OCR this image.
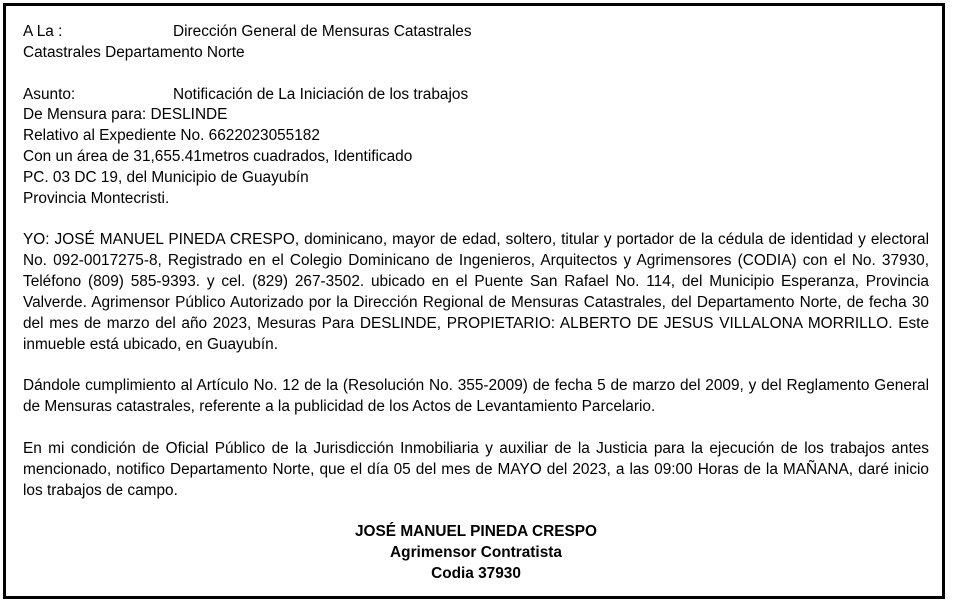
A La :	Dirección General de Mensuras Catastrales
Catastrales Departamento Norte
Asunto:	Notificación de La Iniciación de los trabajos
De Mensura para: DESLINDE
Relativo al Expediente No. 6622023055182
Con un área de 31,655.41metros cuadrados, Identificado
PC. 03 DC 19, del Municipio de Guayubín
Provincia Montecristi.

YO: JOSÉ MANUEL PINEDA CRESPO, dominicano, mayor de edad, soltero, titular y portador de la cédula de identidad y electoral No. 092-0017275-8, Registrado en el Colegio Dominicano de Ingenieros, Arquitectos y Agrimensores (CODIA) con el No. 37930, Teléfono (809) 585-9393. y cel. (829) 267-3502. ubicado en el Puente San Rafael No. 114, del Municipio Esperanza, Provincia Valverde. Agrimensor Público Autorizado por la Dirección Regional de Mensuras Catastrales, del Departamento Norte, de fecha 30 del mes de marzo del año 2023, Mesuras Para DESLINDE, PROPIETARIO: ALBERTO DE JESUS VILLALONA MORRILLO. Este inmueble está ubicado, en Guayubín.

Dándole cumplimiento al Artículo No. 12 de la (Resolución No. 355-2009) de fecha 5 de marzo del 2009, y del Reglamento General de Mensuras catastrales, referente a la publicidad de los Actos de Levantamiento Parcelario.

En mi condición de Oficial Público de la Jurisdicción Inmobiliaria y auxiliar de la Justicia para la ejecución de los trabajos antes mencionado, notifico Departamento Norte, que el día 05 del mes de MAYO del 2023, a las 09:00 Horas de la MAÑANA, daré inicio los trabajos de campo.

JOSÉ MANUEL PINEDA CRESPO
Agrimensor Contratista
Codia 37930
